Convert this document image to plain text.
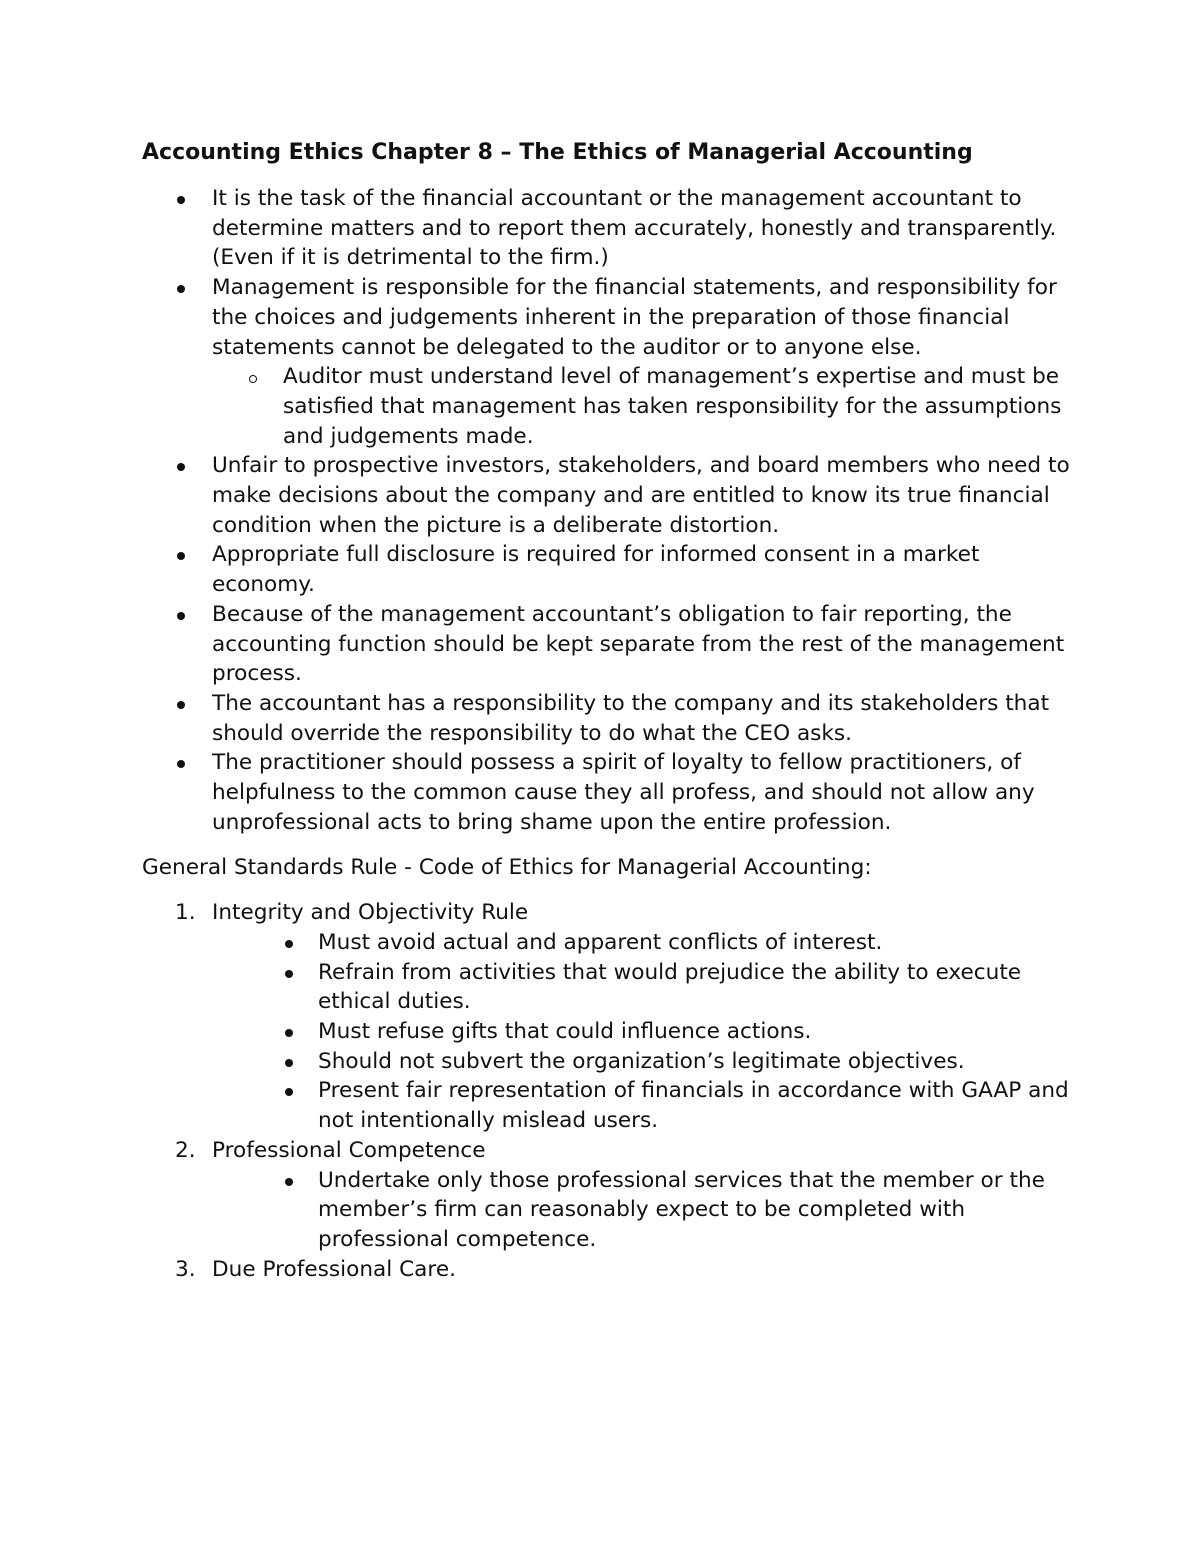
Accounting Ethics Chapter 8 – The Ethics of Managerial Accounting
It is the task of the financial accountant or the management accountant to determine matters and to report them accurately, honestly and transparently. (Even if it is detrimental to the firm.)
Management is responsible for the financial statements, and responsibility for the choices and judgements inherent in the preparation of those financial statements cannot be delegated to the auditor or to anyone else.
Auditor must understand level of management’s expertise and must be satisfied that management has taken responsibility for the assumptions and judgements made.
Unfair to prospective investors, stakeholders, and board members who need to make decisions about the company and are entitled to know its true financial condition when the picture is a deliberate distortion.
Appropriate full disclosure is required for informed consent in a market economy.
Because of the management accountant’s obligation to fair reporting, the accounting function should be kept separate from the rest of the management process.
The accountant has a responsibility to the company and its stakeholders that should override the responsibility to do what the CEO asks.
The practitioner should possess a spirit of loyalty to fellow practitioners, of helpfulness to the common cause they all profess, and should not allow any unprofessional acts to bring shame upon the entire profession.
General Standards Rule - Code of Ethics for Managerial Accounting:
1. Integrity and Objectivity Rule
Must avoid actual and apparent conflicts of interest.
Refrain from activities that would prejudice the ability to execute ethical duties.
Must refuse gifts that could influence actions.
Should not subvert the organization’s legitimate objectives.
Present fair representation of financials in accordance with GAAP and not intentionally mislead users.
2. Professional Competence
Undertake only those professional services that the member or the member’s firm can reasonably expect to be completed with professional competence.
3. Due Professional Care.
